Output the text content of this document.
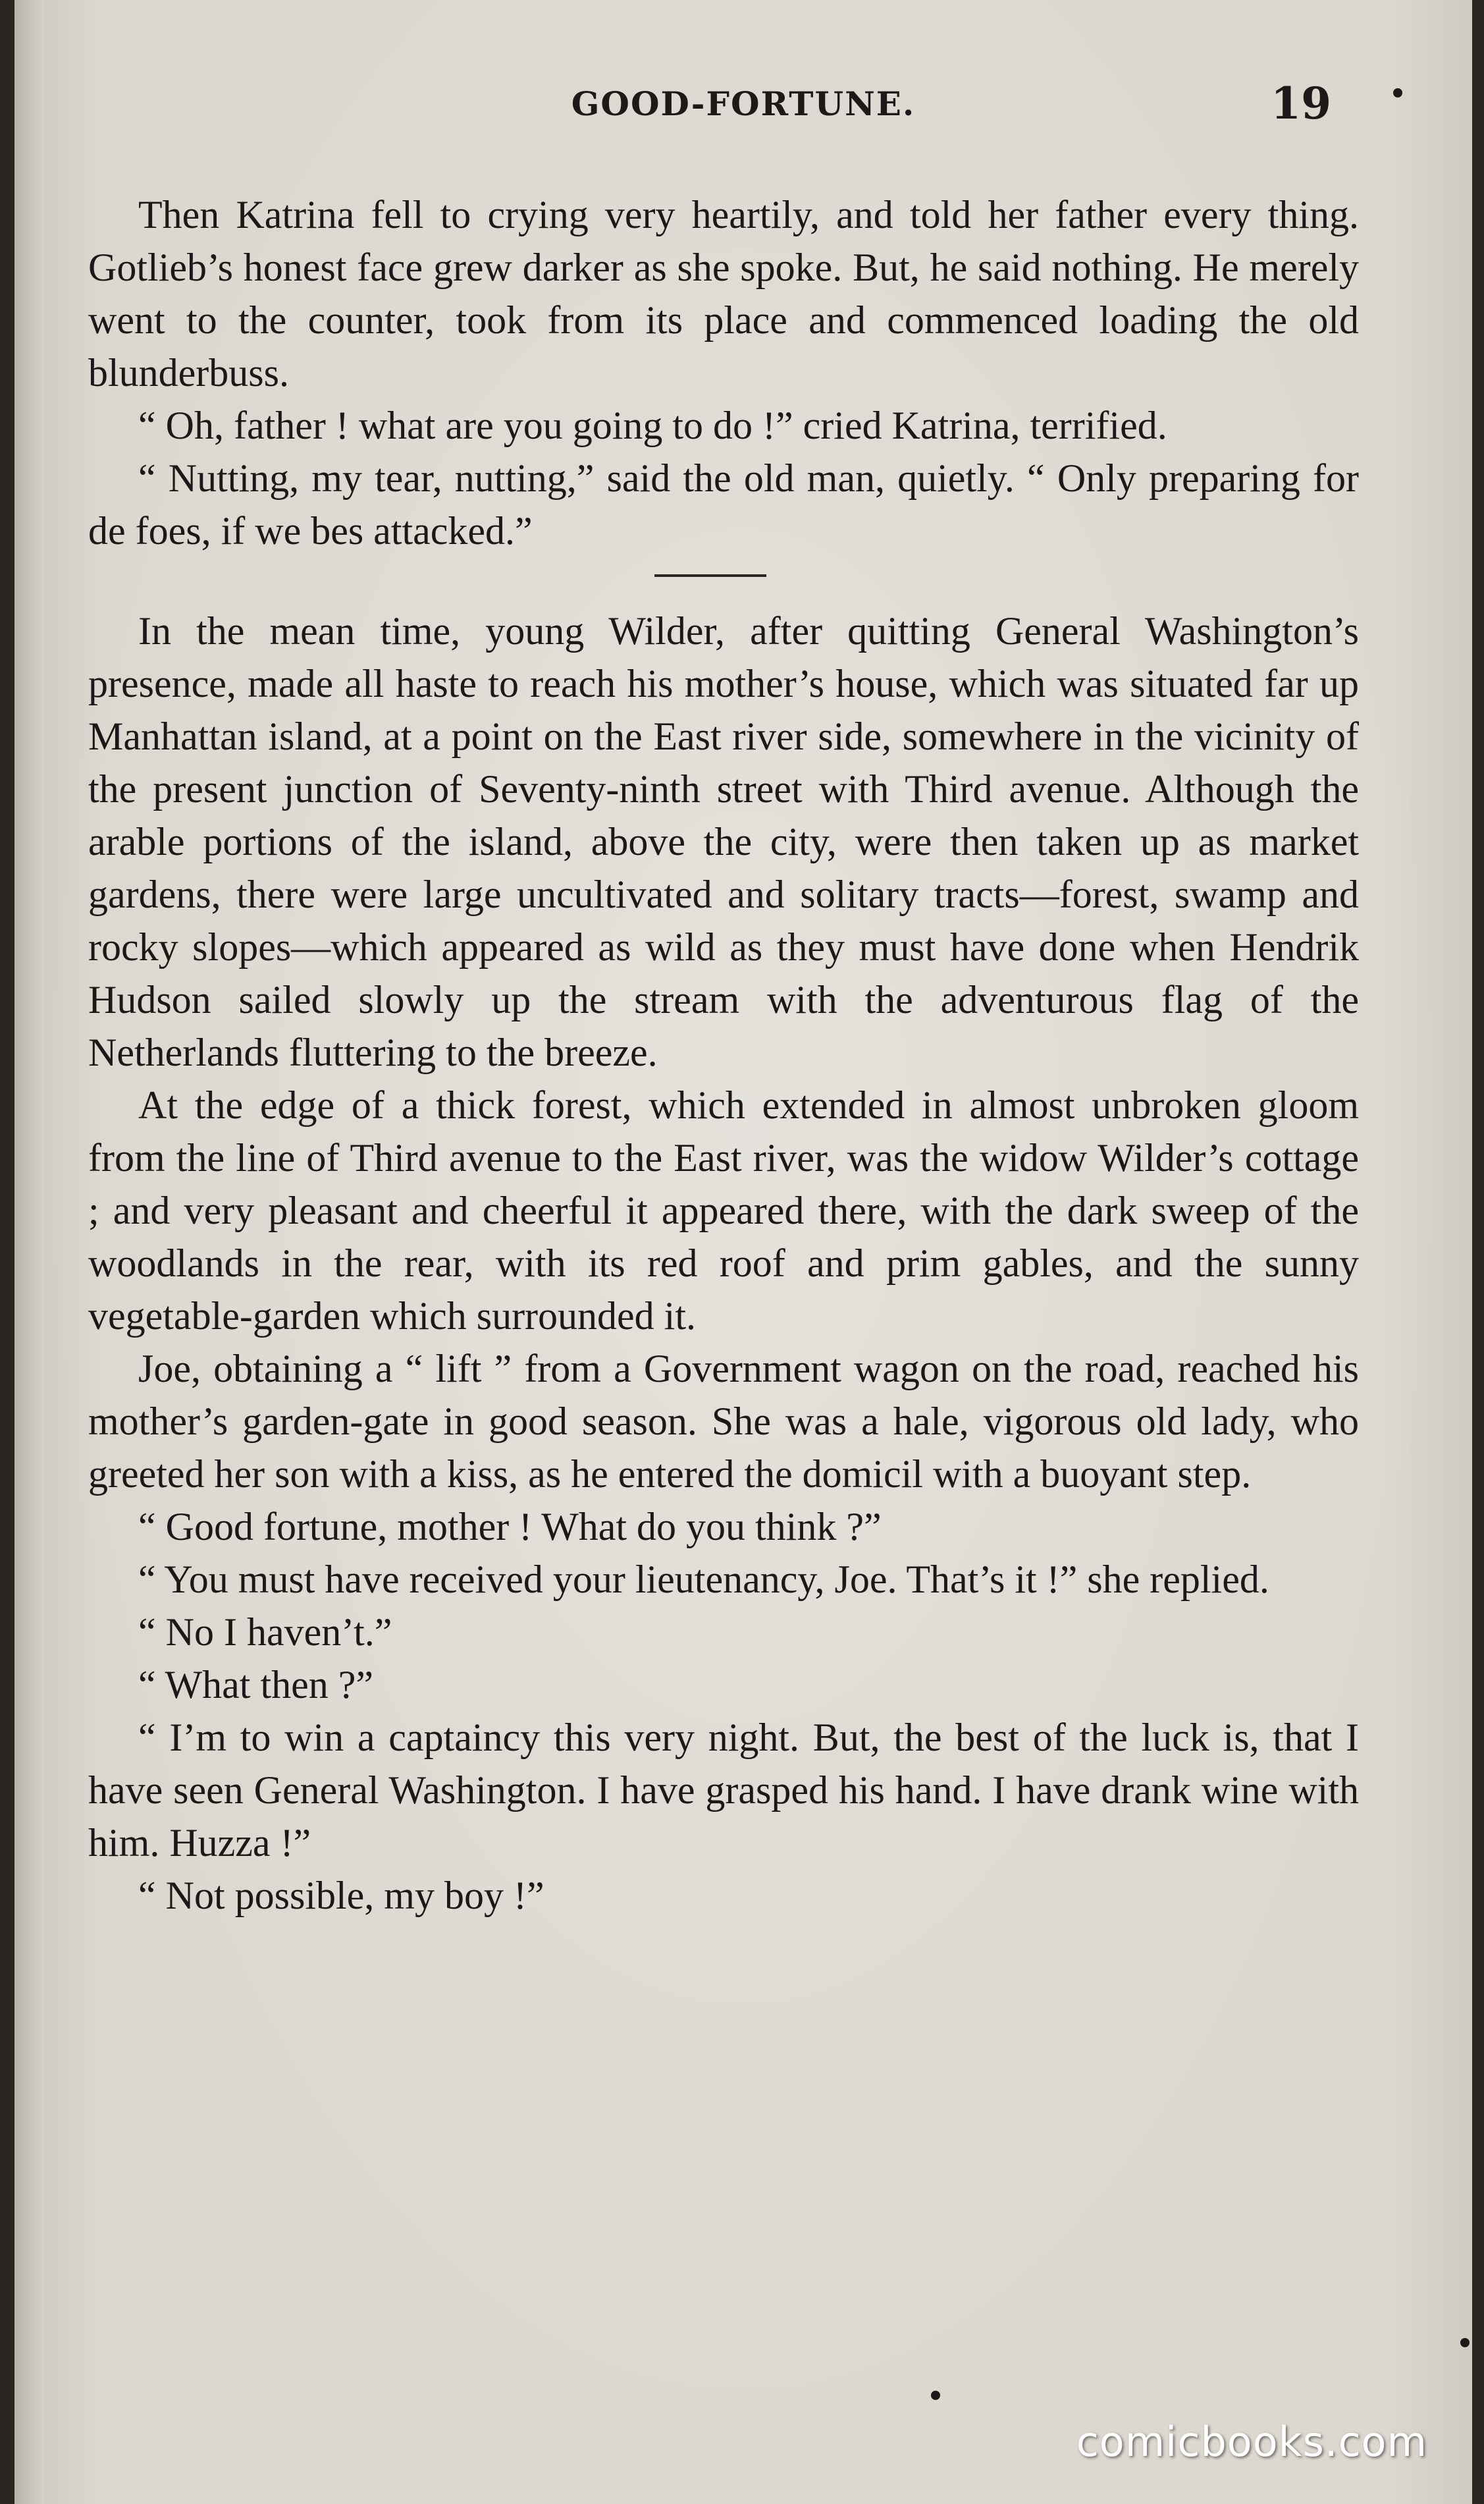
GOOD-FORTUNE.	19

Then Katrina fell to crying very heartily, and told her father every thing. Gotlieb’s honest face grew darker as she spoke. But, he said nothing. He merely went to the counter, took from its place and commenced loading the old blunderbuss.

“ Oh, father ! what are you going to do !” cried Katrina, terrified.

“ Nutting, my tear, nutting,” said the old man, quietly. “ Only preparing for de foes, if we bes attacked.”

In the mean time, young Wilder, after quitting General Washington’s presence, made all haste to reach his mother’s house, which was situated far up Manhattan island, at a point on the East river side, somewhere in the vicinity of the present junction of Seventy-ninth street with Third avenue. Although the arable portions of the island, above the city, were then taken up as market gardens, there were large uncultivated and solitary tracts—forest, swamp and rocky slopes—which appeared as wild as they must have done when Hendrik Hudson sailed slowly up the stream with the adventurous flag of the Netherlands fluttering to the breeze.

At the edge of a thick forest, which extended in almost unbroken gloom from the line of Third avenue to the East river, was the widow Wilder’s cottage ; and very pleasant and cheerful it appeared there, with the dark sweep of the woodlands in the rear, with its red roof and prim gables, and the sunny vegetable-garden which surrounded it.

Joe, obtaining a “ lift ” from a Government wagon on the road, reached his mother’s garden-gate in good season. She was a hale, vigorous old lady, who greeted her son with a kiss, as he entered the domicil with a buoyant step.

“ Good fortune, mother ! What do you think ?”

“ You must have received your lieutenancy, Joe. That’s it !” she replied.

“ No I haven’t.”

“ What then ?”

“ I’m to win a captaincy this very night. But, the best of the luck is, that I have seen General Washington. I have grasped his hand. I have drank wine with him. Huzza !”

“ Not possible, my boy !”

comicbooks.com
